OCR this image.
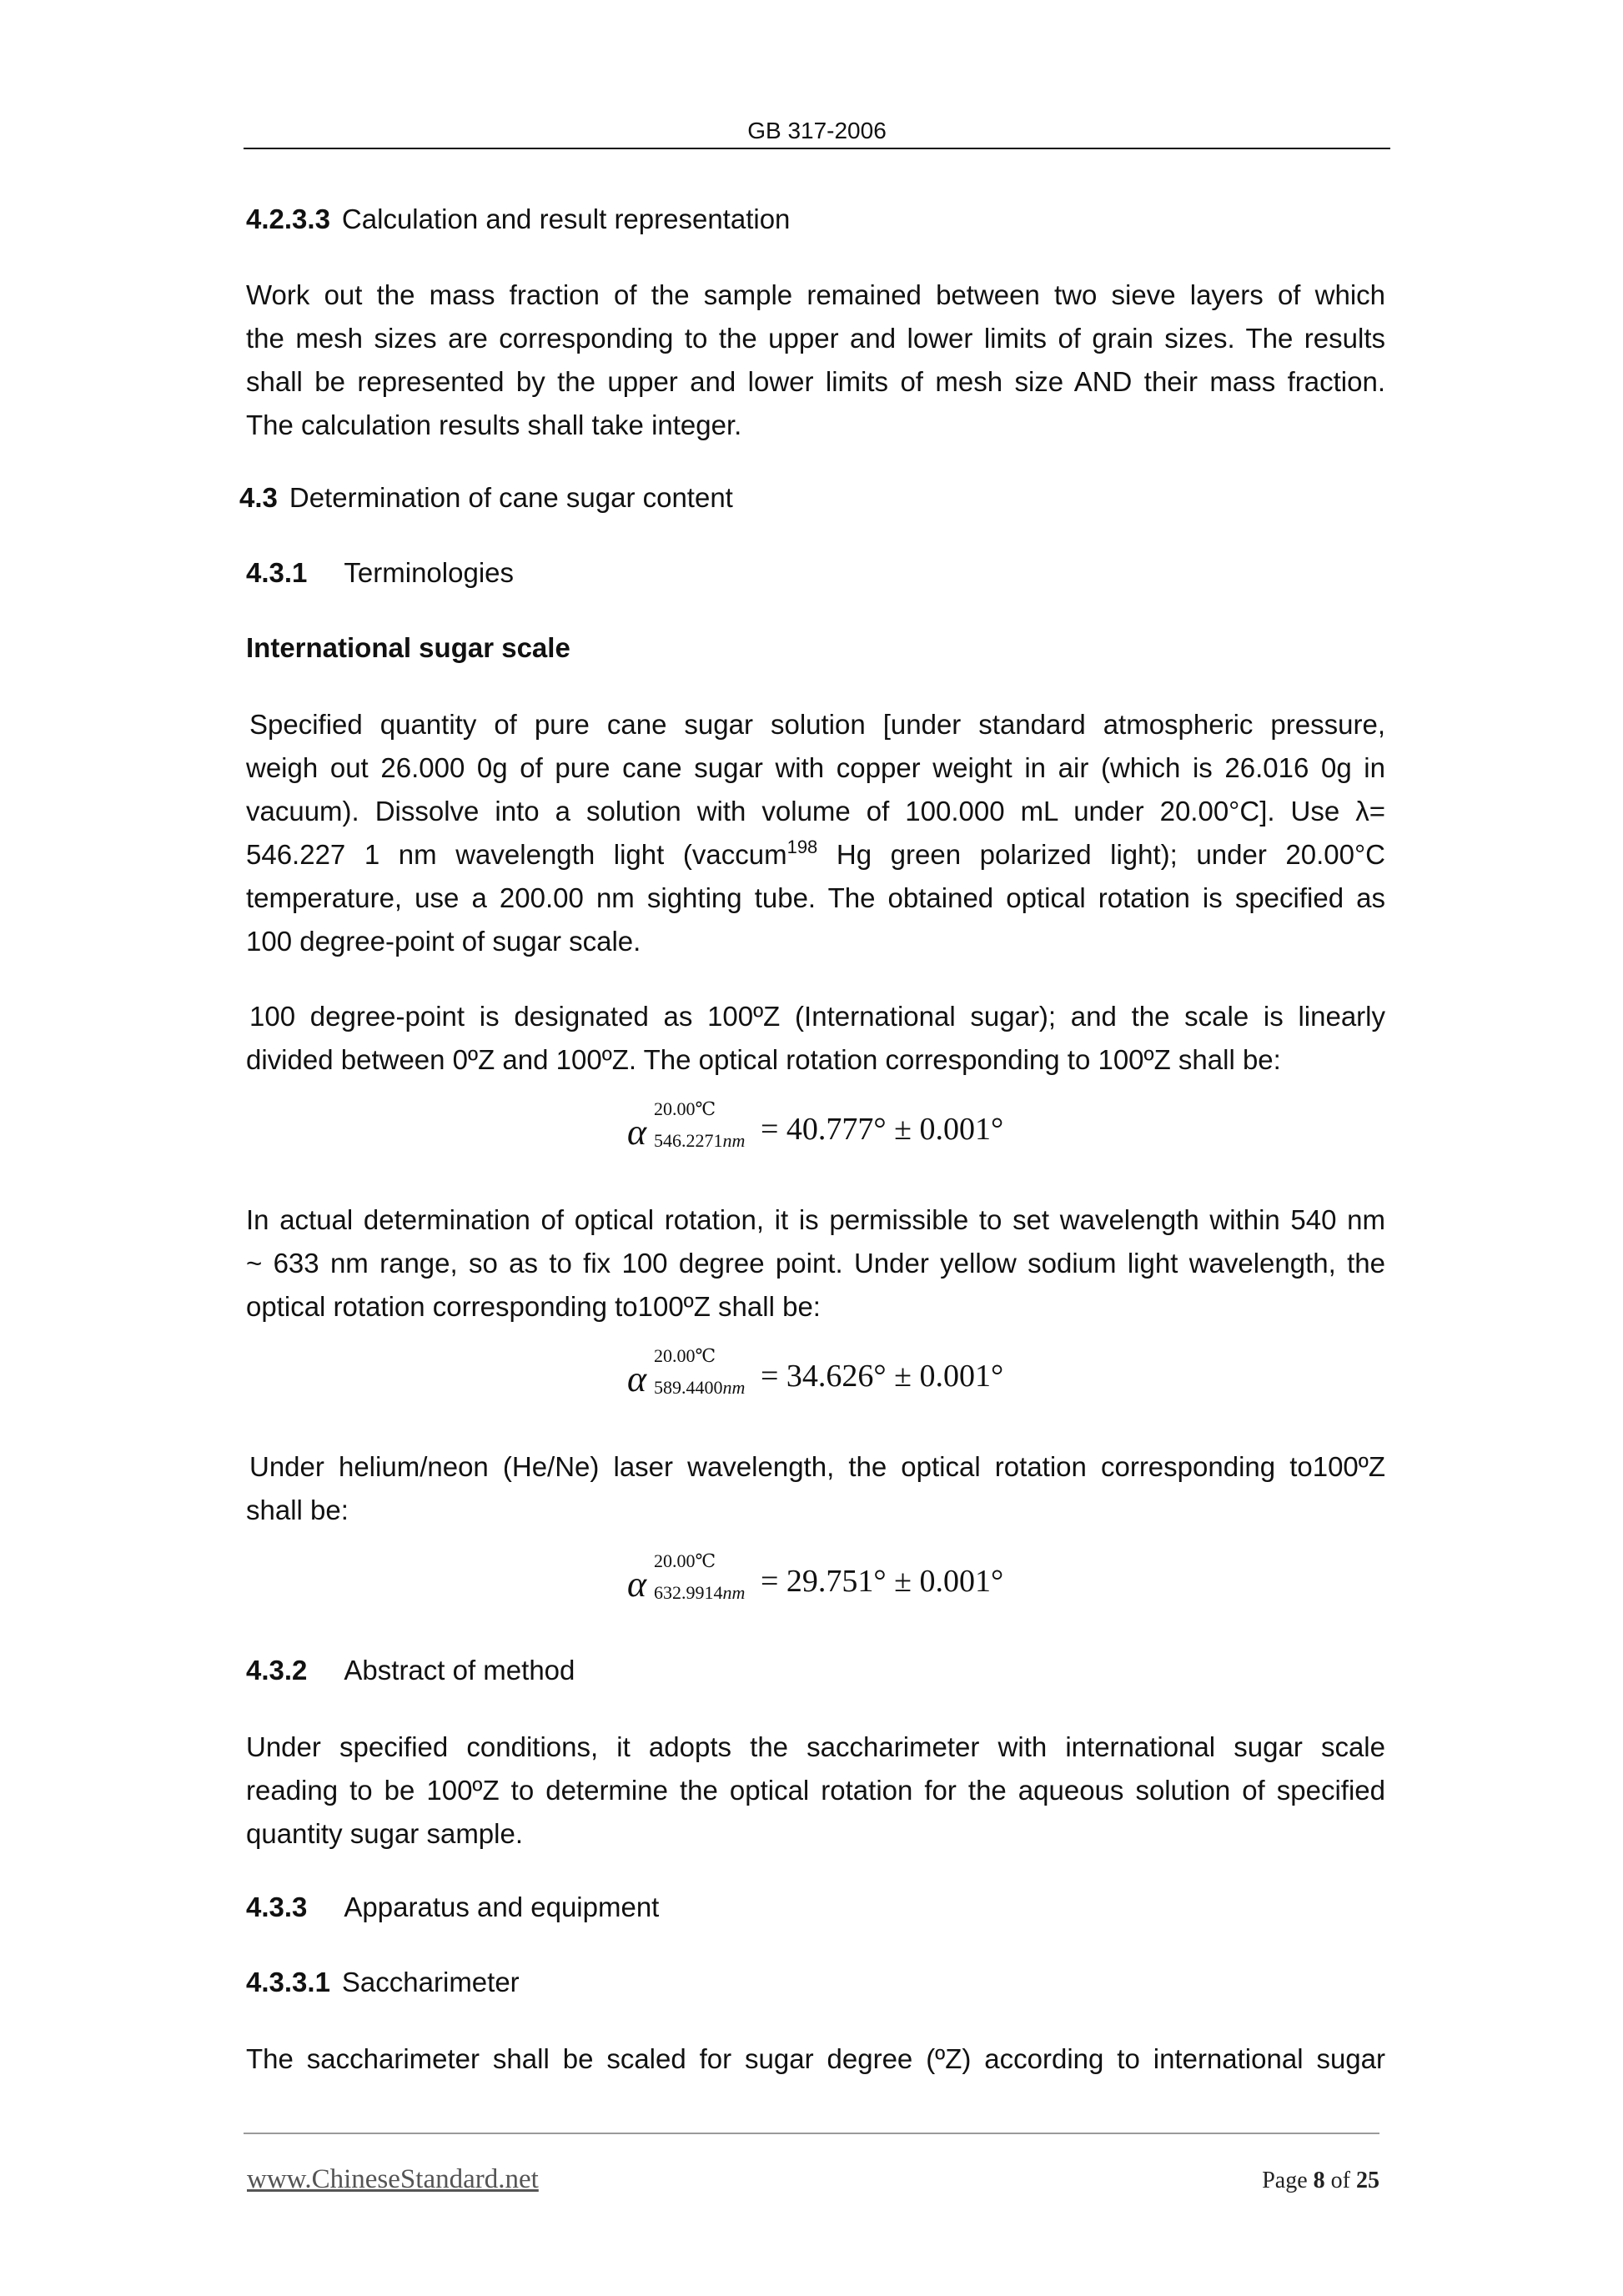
GB 317-2006
4.2.3.3 Calculation and result representation
Work out the mass fraction of the sample remained between two sieve layers of which
the mesh sizes are corresponding to the upper and lower limits of grain sizes. The results
shall be represented by the upper and lower limits of mesh size AND their mass fraction.
The calculation results shall take integer.
4.3 Determination of cane sugar content
4.3.1 Terminologies
International sugar scale
Specified quantity of pure cane sugar solution [under standard atmospheric pressure,
weigh out 26.000 0g of pure cane sugar with copper weight in air (which is 26.016 0g in
vacuum). Dissolve into a solution with volume of 100.000 mL under 20.00°C]. Use λ=
546.227 1 nm wavelength light (vaccum$^{198}$ Hg green polarized light); under 20.00°C
temperature, use a 200.00 nm sighting tube. The obtained optical rotation is specified as
100 degree-point of sugar scale.
100 degree-point is designated as 100ºZ (International sugar); and the scale is linearly
divided between 0ºZ and 100ºZ. The optical rotation corresponding to 100ºZ shall be:
α
20.00℃
546.2271nm = 40.777° ± 0.001°
In actual determination of optical rotation, it is permissible to set wavelength within 540 nm
~ 633 nm range, so as to fix 100 degree point. Under yellow sodium light wavelength, the
optical rotation corresponding to100ºZ shall be:
α
20.00℃
589.4400nm = 34.626° ± 0.001°
Under helium/neon (He/Ne) laser wavelength, the optical rotation corresponding to100ºZ
shall be:
α
20.00℃
632.9914nm = 29.751° ± 0.001°
4.3.2 Abstract of method
Under specified conditions, it adopts the saccharimeter with international sugar scale
reading to be 100ºZ to determine the optical rotation for the aqueous solution of specified
quantity sugar sample.
4.3.3 Apparatus and equipment
4.3.3.1 Saccharimeter
The saccharimeter shall be scaled for sugar degree (ºZ) according to international sugar
www.ChineseStandard.net	Page 8 of 25
